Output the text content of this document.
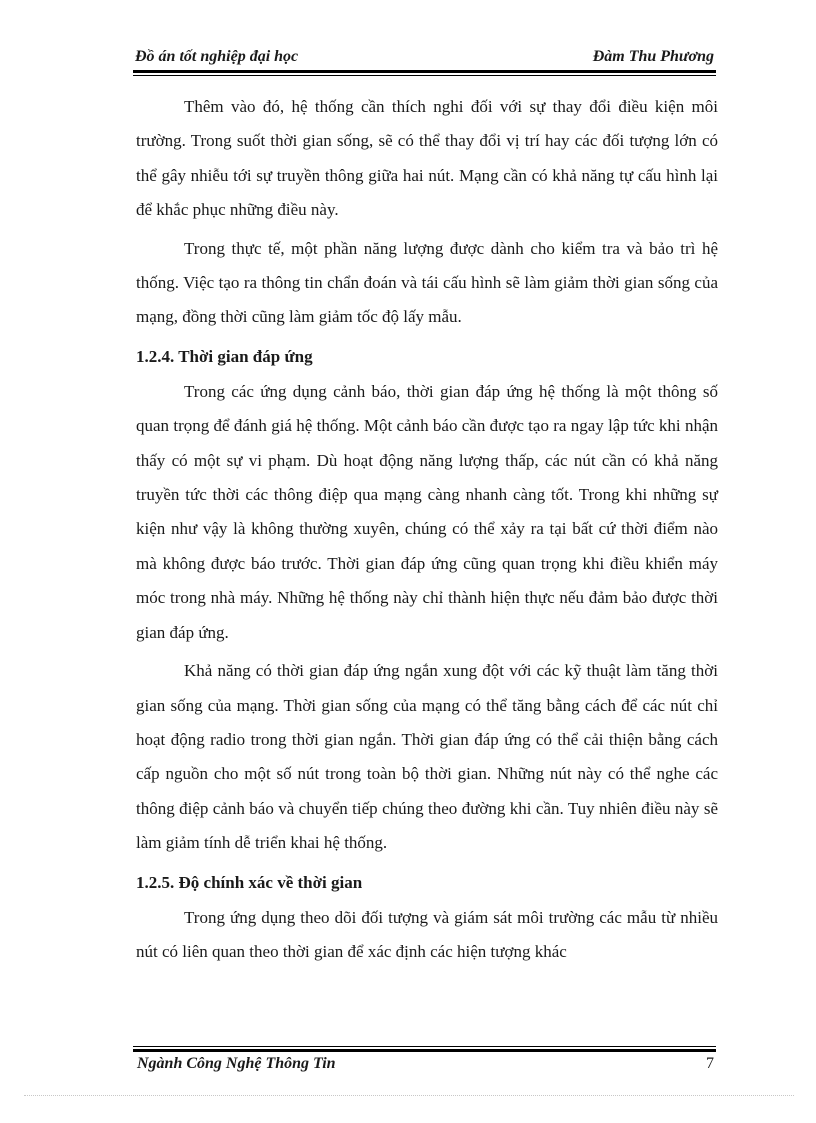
Đồ án tốt nghiệp đại học	Đàm Thu Phương

Thêm vào đó, hệ thống cần thích nghi đối với sự thay đổi điều kiện môi trường. Trong suốt thời gian sống, sẽ có thể thay đổi vị trí hay các đối tượng lớn có thể gây nhiễu tới sự truyền thông giữa hai nút. Mạng cần có khả năng tự cấu hình lại để khắc phục những điều này.

Trong thực tế, một phần năng lượng được dành cho kiểm tra và bảo trì hệ thống. Việc tạo ra thông tin chẩn đoán và tái cấu hình sẽ làm giảm thời gian sống của mạng, đồng thời cũng làm giảm tốc độ lấy mẫu.

1.2.4. Thời gian đáp ứng

Trong các ứng dụng cảnh báo, thời gian đáp ứng hệ thống là một thông số quan trọng để đánh giá hệ thống. Một cảnh báo cần được tạo ra ngay lập tức khi nhận thấy có một sự vi phạm. Dù hoạt động năng lượng thấp, các nút cần có khả năng truyền tức thời các thông điệp qua mạng càng nhanh càng tốt. Trong khi những sự kiện như vậy là không thường xuyên, chúng có thể xảy ra tại bất cứ thời điểm nào mà không được báo trước. Thời gian đáp ứng cũng quan trọng khi điều khiển máy móc trong nhà máy. Những hệ thống này chỉ thành hiện thực nếu đảm bảo được thời gian đáp ứng.

Khả năng có thời gian đáp ứng ngắn xung đột với các kỹ thuật làm tăng thời gian sống của mạng. Thời gian sống của mạng có thể tăng bằng cách để các nút chỉ hoạt động radio trong thời gian ngắn. Thời gian đáp ứng có thể cải thiện bằng cách cấp nguồn cho một số nút trong toàn bộ thời gian. Những nút này có thể nghe các thông điệp cảnh báo và chuyển tiếp chúng theo đường khi cần. Tuy nhiên điều này sẽ làm giảm tính dễ triển khai hệ thống.

1.2.5. Độ chính xác về thời gian

Trong ứng dụng theo dõi đối tượng và giám sát môi trường các mẫu từ nhiều nút có liên quan theo thời gian để xác định các hiện tượng khác

Ngành Công Nghệ Thông Tin	7
